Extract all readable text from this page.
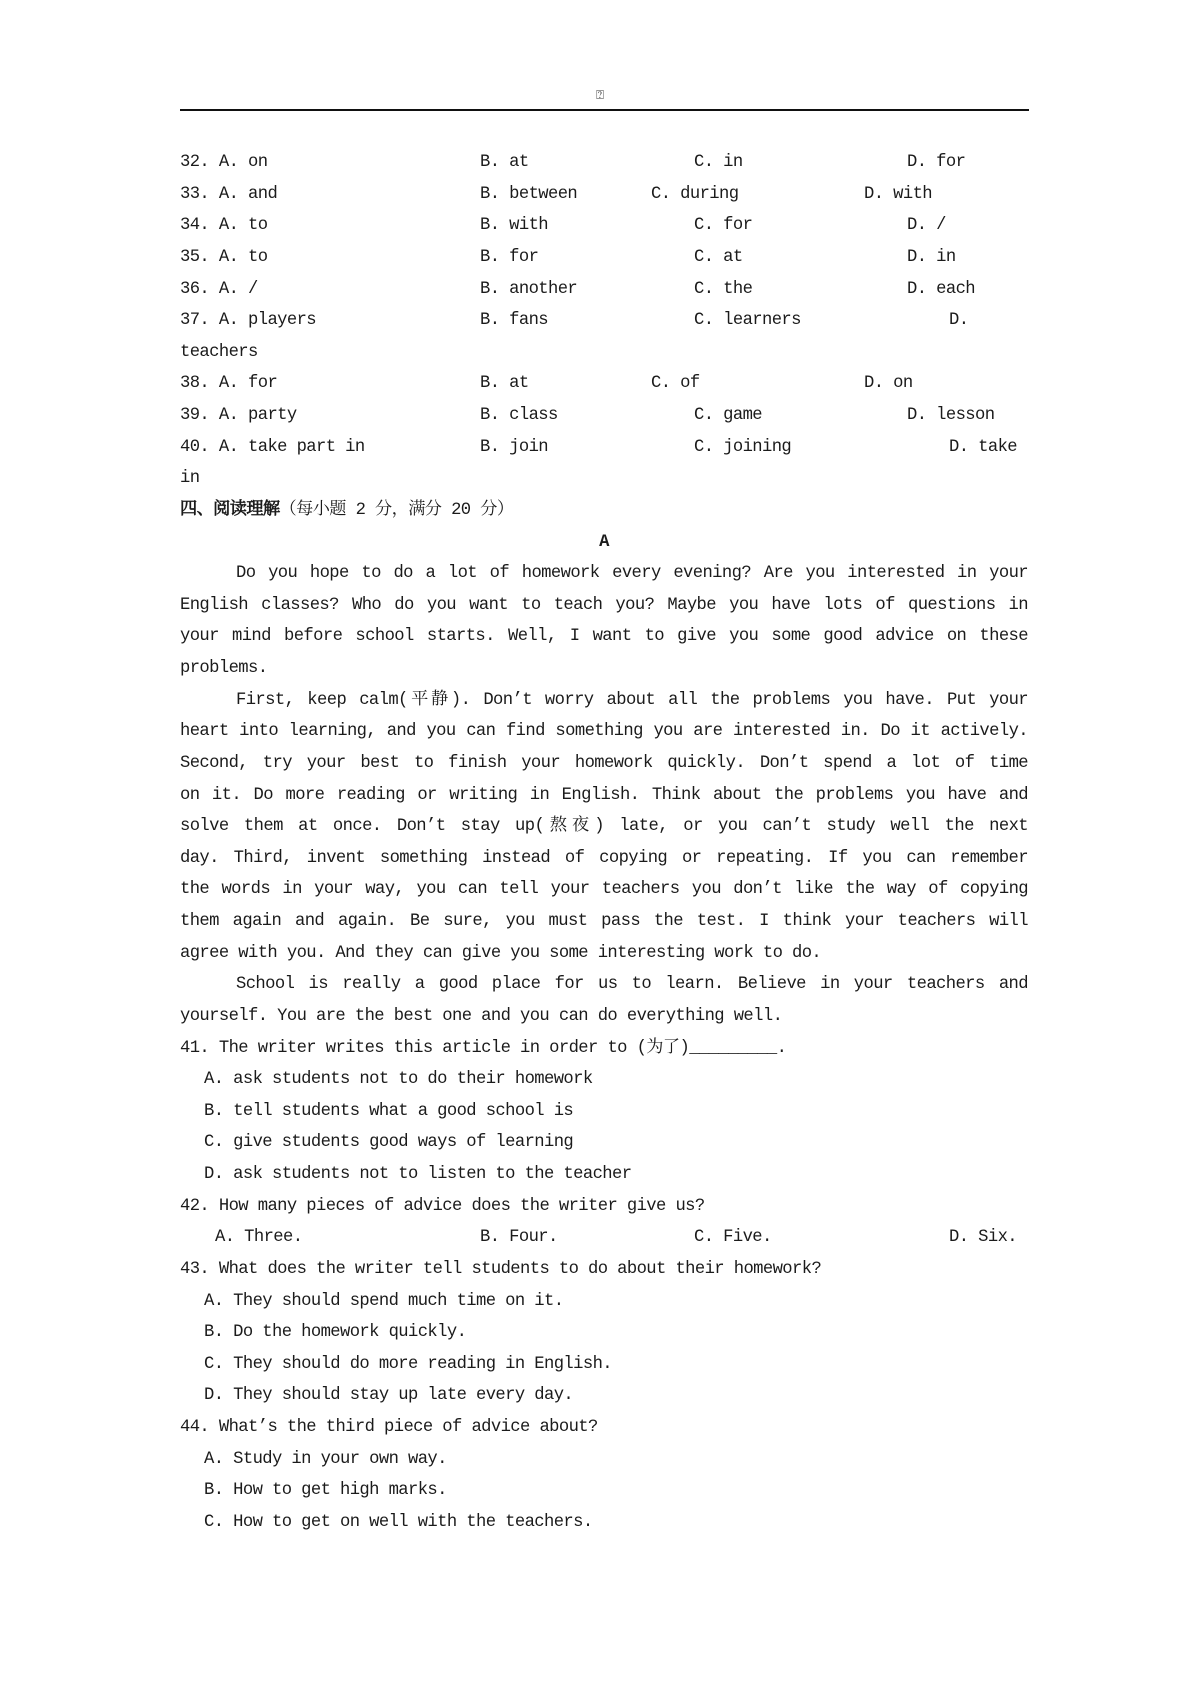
⍰
32. A. on	B. at	C. in	D. for
33. A. and	B. between	C. during	D. with
34. A. to	B. with	C. for	D. /
35. A. to	B. for	C. at	D. in
36. A. /	B. another	C. the	D. each
37. A. players	B. fans	C. learners	D.
teachers
38. A. for	B. at	C. of	D. on
39. A. party	B. class	C. game	D. lesson
40. A. take part in	B. join	C. joining	D. take
in
四、阅读理解（每小题 2 分，满分 20 分）
A
Do you hope to do a lot of homework every evening? Are you interested in your
English classes? Who do you want to teach you? Maybe you have lots of questions in
your mind before school starts. Well, I want to give you some good advice on these
problems.
First, keep calm(平静). Don’t worry about all the problems you have. Put your
heart into learning, and you can find something you are interested in. Do it actively.
Second, try your best to finish your homework quickly. Don’t spend a lot of time
on it. Do more reading or writing in English. Think about the problems you have and
solve them at once. Don’t stay up(熬夜) late, or you can’t study well the next
day. Third, invent something instead of copying or repeating. If you can remember
the words in your way, you can tell your teachers you don’t like the way of copying
them again and again. Be sure, you must pass the test. I think your teachers will
agree with you. And they can give you some interesting work to do.
School is really a good place for us to learn. Believe in your teachers and
yourself. You are the best one and you can do everything well.
41. The writer writes this article in order to (为了)_________.
A. ask students not to do their homework
B. tell students what a good school is
C. give students good ways of learning
D. ask students not to listen to the teacher
42. How many pieces of advice does the writer give us?
A. Three.	B. Four.	C. Five.	D. Six.
43. What does the writer tell students to do about their homework?
A. They should spend much time on it.
B. Do the homework quickly.
C. They should do more reading in English.
D. They should stay up late every day.
44. What’s the third piece of advice about?
A. Study in your own way.
B. How to get high marks.
C. How to get on well with the teachers.
